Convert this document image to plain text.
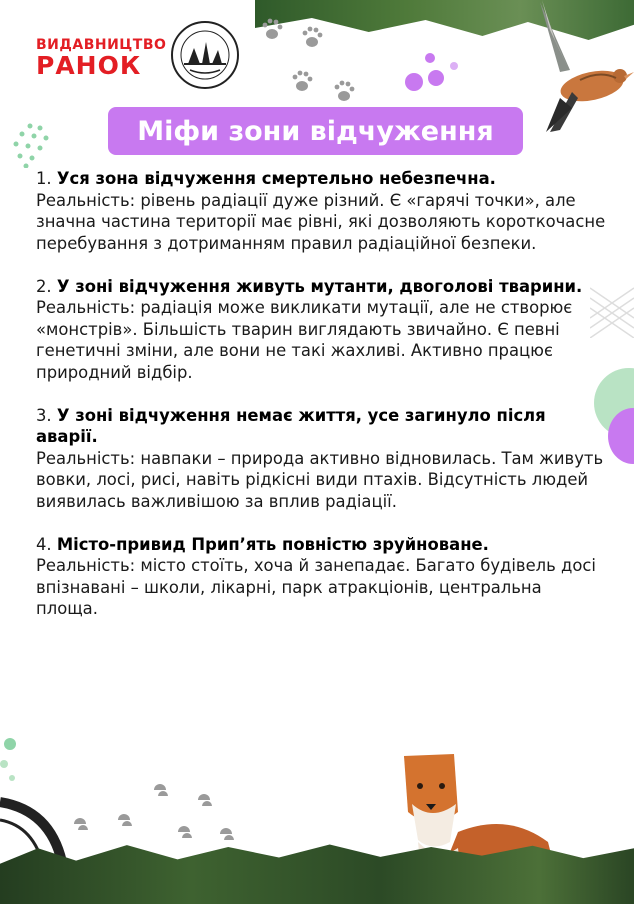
ВИДАВНИЦТВО
РАНОК
Міфи зони відчуження
1. Уся зона відчуження смертельно небезпечна.
Реальність: рівень радіації дуже різний. Є «гарячі точки», але значна частина території має рівні, які дозволяють короткочасне перебування з дотриманням правил радіаційної безпеки.
2. У зоні відчуження живуть мутанти, двоголові тварини.
Реальність: радіація може викликати мутації, але не створює «монстрів». Більшість тварин виглядають звичайно. Є певні генетичні зміни, але вони не такі жахливі. Активно працює природний відбір.
3. У зоні відчуження немає життя, усе загинуло після аварії.
Реальність: навпаки – природа активно відновилась. Там живуть вовки, лосі, рисі, навіть рідкісні види птахів. Відсутність людей виявилась важливішою за вплив радіації.
4. Місто-привид Прип’ять повністю зруйноване.
Реальність: місто стоїть, хоча й занепадає. Багато будівель досі впізнавані – школи, лікарні, парк атракціонів, центральна площа.
